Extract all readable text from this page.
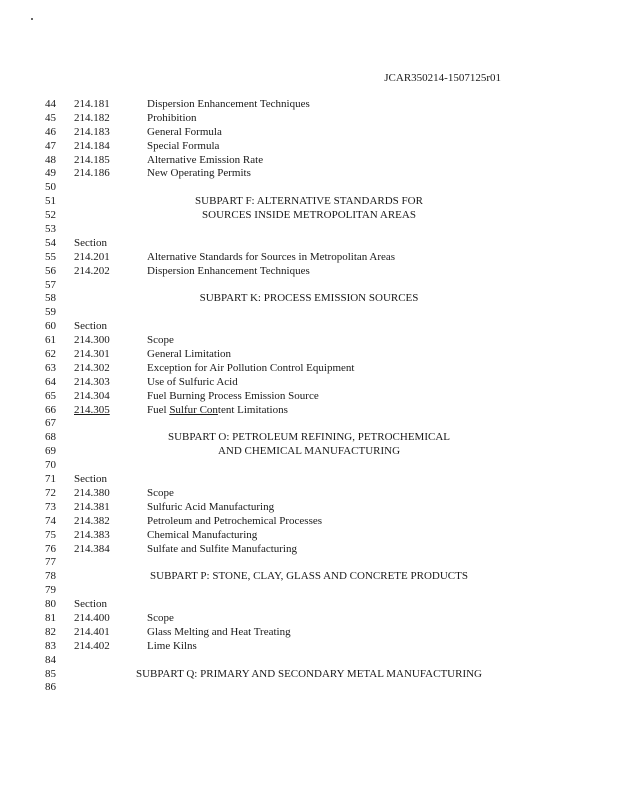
JCAR350214-1507125r01
44 214.181	Dispersion Enhancement Techniques
45 214.182	Prohibition
46 214.183	General Formula
47 214.184	Special Formula
48 214.185	Alternative Emission Rate
49 214.186	New Operating Permits
50
51	SUBPART F: ALTERNATIVE STANDARDS FOR
52	SOURCES INSIDE METROPOLITAN AREAS
53
54 Section
55 214.201	Alternative Standards for Sources in Metropolitan Areas
56 214.202	Dispersion Enhancement Techniques
57
58	SUBPART K: PROCESS EMISSION SOURCES
59
60 Section
61 214.300	Scope
62 214.301	General Limitation
63 214.302	Exception for Air Pollution Control Equipment
64 214.303	Use of Sulfuric Acid
65 214.304	Fuel Burning Process Emission Source
66 214.305	Fuel Sulfur Content Limitations
67
68	SUBPART O: PETROLEUM REFINING, PETROCHEMICAL
69	AND CHEMICAL MANUFACTURING
70
71 Section
72 214.380	Scope
73 214.381	Sulfuric Acid Manufacturing
74 214.382	Petroleum and Petrochemical Processes
75 214.383	Chemical Manufacturing
76 214.384	Sulfate and Sulfite Manufacturing
77
78	SUBPART P: STONE, CLAY, GLASS AND CONCRETE PRODUCTS
79
80 Section
81 214.400	Scope
82 214.401	Glass Melting and Heat Treating
83 214.402	Lime Kilns
84
85	SUBPART Q: PRIMARY AND SECONDARY METAL MANUFACTURING
86
